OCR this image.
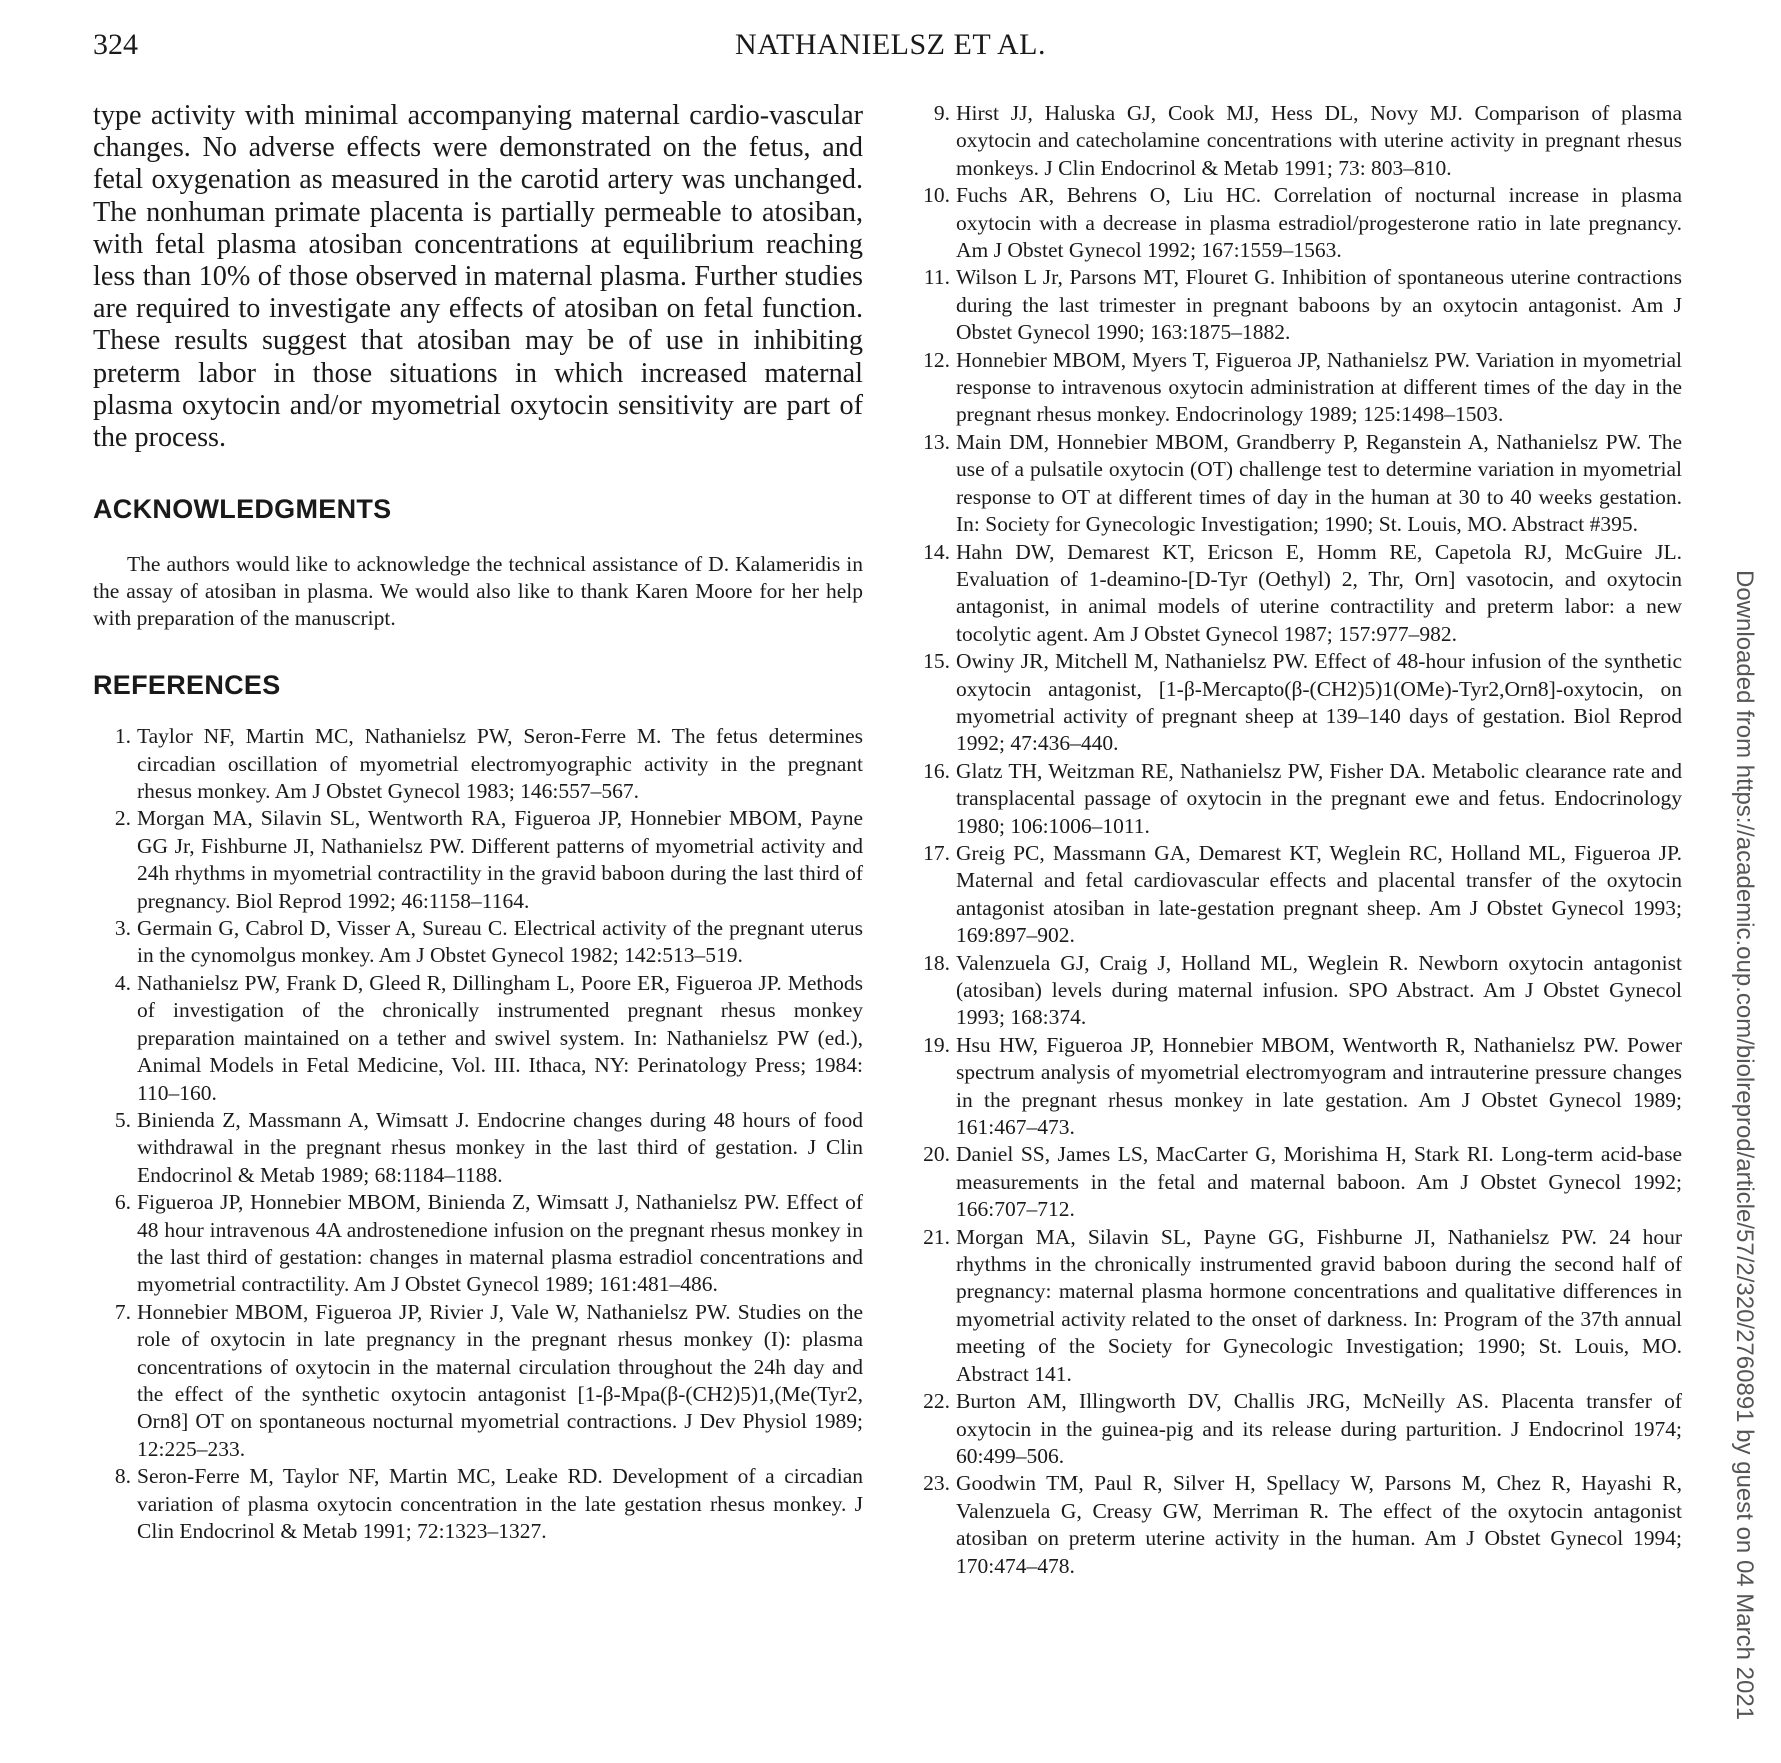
324	NATHANIELSZ ET AL.

type activity with minimal accompanying maternal cardio-vascular changes. No adverse effects were demonstrated on the fetus, and fetal oxygenation as measured in the carotid artery was unchanged. The nonhuman primate placenta is partially permeable to atosiban, with fetal plasma atosiban concentrations at equilibrium reaching less than 10% of those observed in maternal plasma. Further studies are required to investigate any effects of atosiban on fetal function. These results suggest that atosiban may be of use in inhibiting preterm labor in those situations in which increased maternal plasma oxytocin and/or myometrial oxytocin sensitivity are part of the process.

ACKNOWLEDGMENTS

The authors would like to acknowledge the technical assistance of D. Kalameridis in the assay of atosiban in plasma. We would also like to thank Karen Moore for her help with preparation of the manuscript.

REFERENCES
1. Taylor NF, Martin MC, Nathanielsz PW, Seron-Ferre M. The fetus determines circadian oscillation of myometrial electromyographic activity in the pregnant rhesus monkey. Am J Obstet Gynecol 1983; 146:557–567.
2. Morgan MA, Silavin SL, Wentworth RA, Figueroa JP, Honnebier MBOM, Payne GG Jr, Fishburne JI, Nathanielsz PW. Different patterns of myometrial activity and 24h rhythms in myometrial contractility in the gravid baboon during the last third of pregnancy. Biol Reprod 1992; 46:1158–1164.
3. Germain G, Cabrol D, Visser A, Sureau C. Electrical activity of the pregnant uterus in the cynomolgus monkey. Am J Obstet Gynecol 1982; 142:513–519.
4. Nathanielsz PW, Frank D, Gleed R, Dillingham L, Poore ER, Figueroa JP. Methods of investigation of the chronically instrumented pregnant rhesus monkey preparation maintained on a tether and swivel system. In: Nathanielsz PW (ed.), Animal Models in Fetal Medicine, Vol. III. Ithaca, NY: Perinatology Press; 1984: 110–160.
5. Binienda Z, Massmann A, Wimsatt J. Endocrine changes during 48 hours of food withdrawal in the pregnant rhesus monkey in the last third of gestation. J Clin Endocrinol & Metab 1989; 68:1184–1188.
6. Figueroa JP, Honnebier MBOM, Binienda Z, Wimsatt J, Nathanielsz PW. Effect of 48 hour intravenous 4A androstenedione infusion on the pregnant rhesus monkey in the last third of gestation: changes in maternal plasma estradiol concentrations and myometrial contractility. Am J Obstet Gynecol 1989; 161:481–486.
7. Honnebier MBOM, Figueroa JP, Rivier J, Vale W, Nathanielsz PW. Studies on the role of oxytocin in late pregnancy in the pregnant rhesus monkey (I): plasma concentrations of oxytocin in the maternal circulation throughout the 24h day and the effect of the synthetic oxytocin antagonist [1-β-Mpa(β-(CH2)5)1,(Me(Tyr2, Orn8] OT on spontaneous nocturnal myometrial contractions. J Dev Physiol 1989; 12:225–233.
8. Seron-Ferre M, Taylor NF, Martin MC, Leake RD. Development of a circadian variation of plasma oxytocin concentration in the late gestation rhesus monkey. J Clin Endocrinol & Metab 1991; 72:1323–1327.
9. Hirst JJ, Haluska GJ, Cook MJ, Hess DL, Novy MJ. Comparison of plasma oxytocin and catecholamine concentrations with uterine activity in pregnant rhesus monkeys. J Clin Endocrinol & Metab 1991; 73: 803–810.
10. Fuchs AR, Behrens O, Liu HC. Correlation of nocturnal increase in plasma oxytocin with a decrease in plasma estradiol/progesterone ratio in late pregnancy. Am J Obstet Gynecol 1992; 167:1559–1563.
11. Wilson L Jr, Parsons MT, Flouret G. Inhibition of spontaneous uterine contractions during the last trimester in pregnant baboons by an oxytocin antagonist. Am J Obstet Gynecol 1990; 163:1875–1882.
12. Honnebier MBOM, Myers T, Figueroa JP, Nathanielsz PW. Variation in myometrial response to intravenous oxytocin administration at different times of the day in the pregnant rhesus monkey. Endocrinology 1989; 125:1498–1503.
13. Main DM, Honnebier MBOM, Grandberry P, Reganstein A, Nathanielsz PW. The use of a pulsatile oxytocin (OT) challenge test to determine variation in myometrial response to OT at different times of day in the human at 30 to 40 weeks gestation. In: Society for Gynecologic Investigation; 1990; St. Louis, MO. Abstract #395.
14. Hahn DW, Demarest KT, Ericson E, Homm RE, Capetola RJ, McGuire JL. Evaluation of 1-deamino-[D-Tyr (Oethyl) 2, Thr, Orn] vasotocin, and oxytocin antagonist, in animal models of uterine contractility and preterm labor: a new tocolytic agent. Am J Obstet Gynecol 1987; 157:977–982.
15. Owiny JR, Mitchell M, Nathanielsz PW. Effect of 48-hour infusion of the synthetic oxytocin antagonist, [1-β-Mercapto(β-(CH2)5)1(OMe)-Tyr2,Orn8]-oxytocin, on myometrial activity of pregnant sheep at 139–140 days of gestation. Biol Reprod 1992; 47:436–440.
16. Glatz TH, Weitzman RE, Nathanielsz PW, Fisher DA. Metabolic clearance rate and transplacental passage of oxytocin in the pregnant ewe and fetus. Endocrinology 1980; 106:1006–1011.
17. Greig PC, Massmann GA, Demarest KT, Weglein RC, Holland ML, Figueroa JP. Maternal and fetal cardiovascular effects and placental transfer of the oxytocin antagonist atosiban in late-gestation pregnant sheep. Am J Obstet Gynecol 1993; 169:897–902.
18. Valenzuela GJ, Craig J, Holland ML, Weglein R. Newborn oxytocin antagonist (atosiban) levels during maternal infusion. SPO Abstract. Am J Obstet Gynecol 1993; 168:374.
19. Hsu HW, Figueroa JP, Honnebier MBOM, Wentworth R, Nathanielsz PW. Power spectrum analysis of myometrial electromyogram and intrauterine pressure changes in the pregnant rhesus monkey in late gestation. Am J Obstet Gynecol 1989; 161:467–473.
20. Daniel SS, James LS, MacCarter G, Morishima H, Stark RI. Long-term acid-base measurements in the fetal and maternal baboon. Am J Obstet Gynecol 1992; 166:707–712.
21. Morgan MA, Silavin SL, Payne GG, Fishburne JI, Nathanielsz PW. 24 hour rhythms in the chronically instrumented gravid baboon during the second half of pregnancy: maternal plasma hormone concentrations and qualitative differences in myometrial activity related to the onset of darkness. In: Program of the 37th annual meeting of the Society for Gynecologic Investigation; 1990; St. Louis, MO. Abstract 141.
22. Burton AM, Illingworth DV, Challis JRG, McNeilly AS. Placenta transfer of oxytocin in the guinea-pig and its release during parturition. J Endocrinol 1974; 60:499–506.
23. Goodwin TM, Paul R, Silver H, Spellacy W, Parsons M, Chez R, Hayashi R, Valenzuela G, Creasy GW, Merriman R. The effect of the oxytocin antagonist atosiban on preterm uterine activity in the human. Am J Obstet Gynecol 1994; 170:474–478.	Downloaded from https://academic.oup.com/biolreprod/article/57/2/320/2760891 by guest on 04 March 2021
